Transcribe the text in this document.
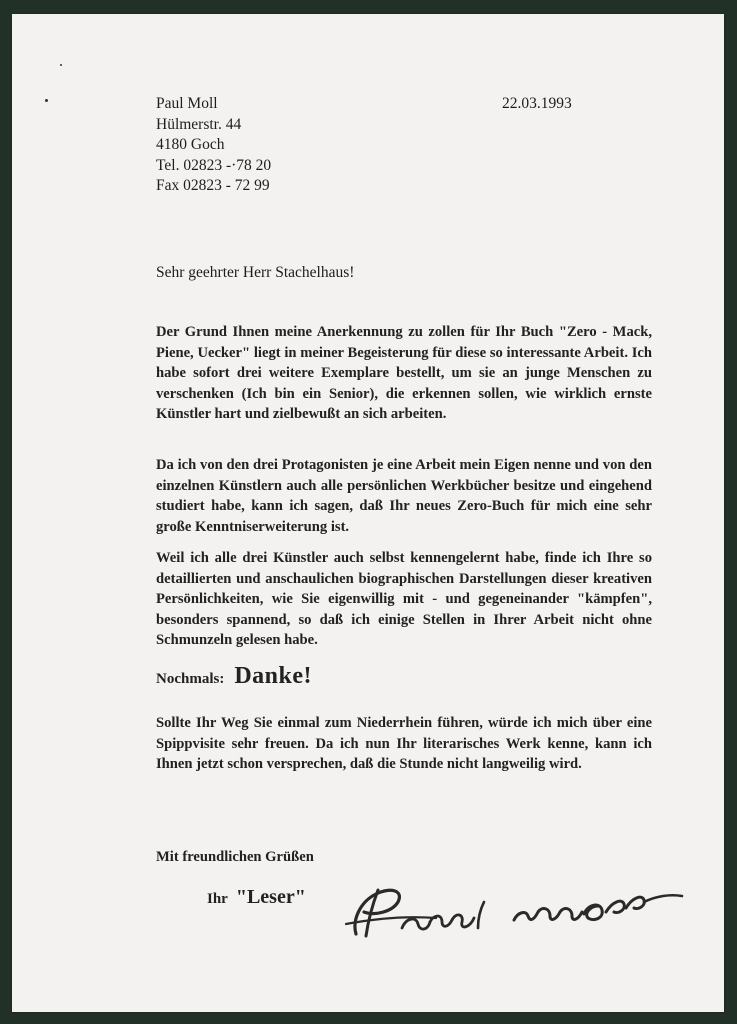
Paul Moll
Hülmerstr. 44
4180 Goch
Tel. 02823 -·78 20
Fax 02823 - 72 99
22.03.1993
Sehr geehrter Herr Stachelhaus!
Der Grund Ihnen meine Anerkennung zu zollen für Ihr Buch "Zero - Mack, Piene, Uecker" liegt in meiner Begeisterung für diese so interessante Arbeit. Ich habe sofort drei weitere Exemplare bestellt, um sie an junge Menschen zu verschenken (Ich bin ein Senior), die erkennen sollen, wie wirklich ernste Künstler hart und zielbewußt an sich arbeiten.
Da ich von den drei Protagonisten je eine Arbeit mein Eigen nenne und von den einzelnen Künstlern auch alle persönlichen Werkbücher besitze und eingehend studiert habe, kann ich sagen, daß Ihr neues Zero-Buch für mich eine sehr große Kenntniserweiterung ist.
Weil ich alle drei Künstler auch selbst kennengelernt habe, finde ich Ihre so detaillierten und anschaulichen biographischen Darstellungen dieser kreativen Persönlichkeiten, wie Sie eigenwillig mit - und gegeneinander "kämpfen", besonders spannend, so daß ich einige Stellen in Ihrer Arbeit nicht ohne Schmunzeln gelesen habe.
Nochmals: Danke!
Sollte Ihr Weg Sie einmal zum Niederrhein führen, würde ich mich über eine Spippvisite sehr freuen. Da ich nun Ihr literarisches Werk kenne, kann ich Ihnen jetzt schon versprechen, daß die Stunde nicht langweilig wird.
Mit freundlichen Grüßen
Ihr "Leser"
